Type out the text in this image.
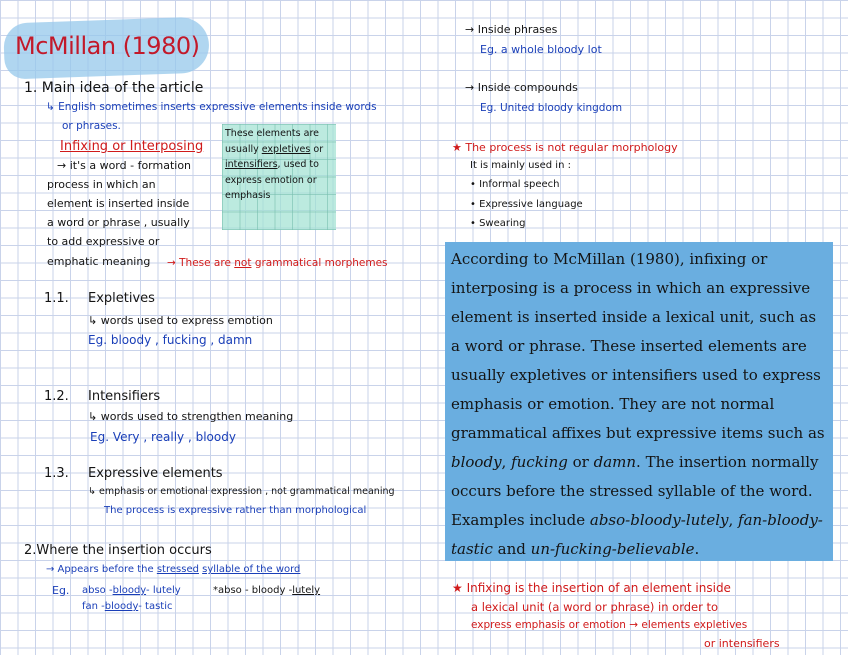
McMillan (1980)
1. Main idea of the article
↳ English sometimes inserts expressive elements inside words
or phrases.
Infixing or Interposing
→ it's a word - formation
process in which an
element is inserted inside
a word or phrase , usually
to add expressive or
emphatic meaning → These are not grammatical morphemes
These elements are
usually expletives or
intensifiers, used to
express emotion or
emphasis
1.1. Expletives
↳ words used to express emotion
Eg. bloody , fucking , damn
1.2. Intensifiers
↳ words used to strengthen meaning
Eg. Very , really , bloody
1.3. Expressive elements
↳ emphasis or emotional expression , not grammatical meaning
The process is expressive rather than morphological
2.Where the insertion occurs
→ Appears before the stressed syllable of the word
Eg. abso -bloody- lutely	*abso - bloody -lutely
fan -bloody- tastic
→ Inside phrases
Eg. a whole bloody lot
→ Inside compounds
Eg. United bloody kingdom
★ The process is not regular morphology
It is mainly used in :
• Informal speech
• Expressive language
• Swearing
According to McMillan (1980), infixing or interposing is a process in which an expressive element is inserted inside a lexical unit, such as a word or phrase. These inserted elements are usually expletives or intensifiers used to express emphasis or emotion. They are not normal grammatical affixes but expressive items such as bloody, fucking or damn. The insertion normally occurs before the stressed syllable of the word. Examples include abso-bloody-lutely, fan-bloody-tastic and un-fucking-believable.
★ Infixing is the insertion of an element inside
a lexical unit (a word or phrase) in order to
express emphasis or emotion → elements expletives
or intensifiers
